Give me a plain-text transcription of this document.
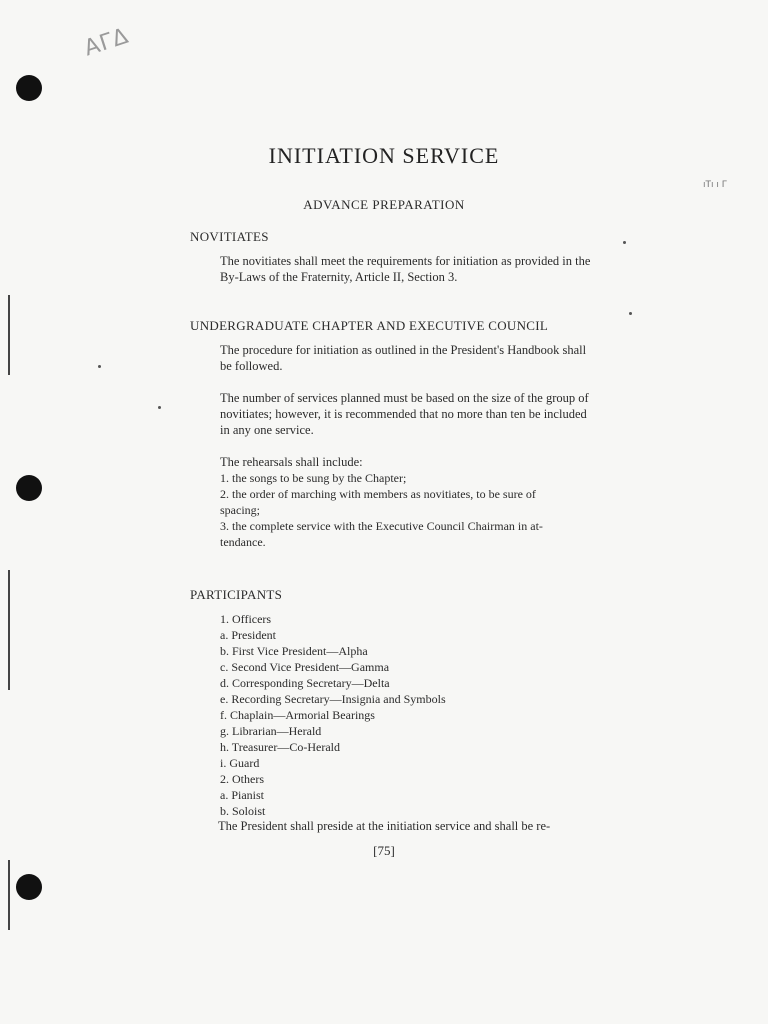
AΓΔ
ıΤı ı Γ
INITIATION SERVICE
ADVANCE PREPARATION
NOVITIATES
The novitiates shall meet the requirements for initiation as provided in the By-Laws of the Fraternity, Article II, Section 3.
UNDERGRADUATE CHAPTER AND EXECUTIVE COUNCIL
The procedure for initiation as outlined in the President's Handbook shall be followed.
The number of services planned must be based on the size of the group of novitiates; however, it is recommended that no more than ten be included in any one service.
The rehearsals shall include:
1. the songs to be sung by the Chapter;
2. the order of marching with members as novitiates, to be sure of
spacing;
3. the complete service with the Executive Council Chairman in at-
tendance.
PARTICIPANTS
1. Officers
a. President
b. First Vice President—Alpha
c. Second Vice President—Gamma
d. Corresponding Secretary—Delta
e. Recording Secretary—Insignia and Symbols
f. Chaplain—Armorial Bearings
g. Librarian—Herald
h. Treasurer—Co-Herald
i. Guard
2. Others
a. Pianist
b. Soloist
The President shall preside at the initiation service and shall be re-
[75]
